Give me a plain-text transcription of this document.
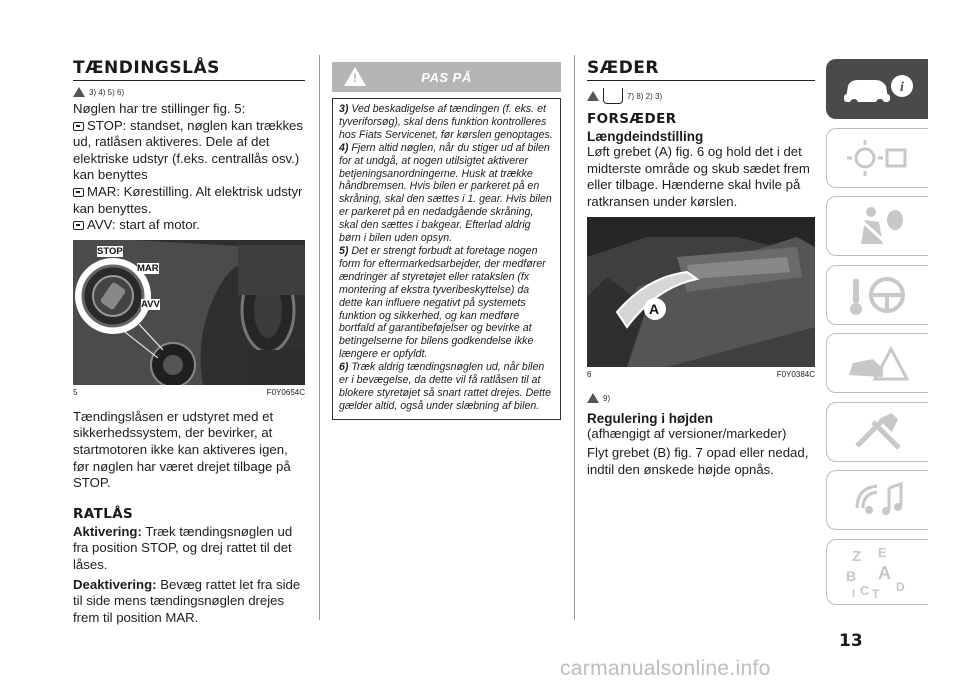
TÆNDINGSLÅS
3) 4) 5) 6)
Nøglen har tre stillinger fig. 5:
STOP: standset, nøglen kan trækkes ud, ratlåsen aktiveres. Dele af det elektriske udstyr (f.eks. centrallås osv.) kan benyttes
MAR: Kørestilling. Alt elektrisk udstyr kan benyttes.
AVV: start af motor.
STOP
MAR
AVV
5	F0Y0654C
Tændingslåsen er udstyret med et sikkerhedssystem, der bevirker, at startmotoren ikke kan aktiveres igen, før nøglen har været drejet tilbage på STOP.
RATLÅS
Aktivering: Træk tændingsnøglen ud fra position STOP, og drej rattet til det låses.
Deaktivering: Bevæg rattet let fra side til side mens tændingsnøglen drejes frem til position MAR.
!
PAS PÅ

3) Ved beskadigelse af tændingen (f. eks. et tyveriforsøg), skal dens funktion kontrolleres hos Fiats Servicenet, før kørslen genoptages.

4) Fjern altid nøglen, når du stiger ud af bilen for at undgå, at nogen utilsigtet aktiverer betjeningsanordningerne. Husk at trække håndbremsen. Hvis bilen er parkeret på en skråning, skal den sættes i 1. gear. Hvis bilen er parkeret på en nedadgående skråning, skal den sættes i bakgear. Efterlad aldrig børn i bilen uden opsyn.

5) Det er strengt forbudt at foretage nogen form for eftermarkedsarbejder, der medfører ændringer af styretøjet eller ratakslen (fx montering af ekstra tyveribeskyttelse) da dette kan influere negativt på systemets funktion og sikkerhed, og kan medføre bortfald af garantibeføjelser og bevirke at betingelserne for bilens godkendelse ikke længere er opfyldt.

6) Træk aldrig tændingsnøglen ud, når bilen er i bevægelse, da dette vil få ratlåsen til at blokere styretøjet så snart rattet drejes. Dette gælder altid, også under slæbning af bilen.

SÆDER
7) 8) 2) 3)
FORSÆDER
Længdeindstilling
Løft grebet (A) fig. 6 og hold det i det midterste område og skub sædet frem eller tilbage. Hænderne skal hvile på ratkransen under kørslen.
A
6	F0Y0384C
9)
Regulering i højden
(afhængigt af versioner/markeder)
Flyt grebet (B) fig. 7 opad eller nedad, indtil den ønskede højde opnås.
i
Z E
B A
C D
I T
13
carmanualsonline.info
